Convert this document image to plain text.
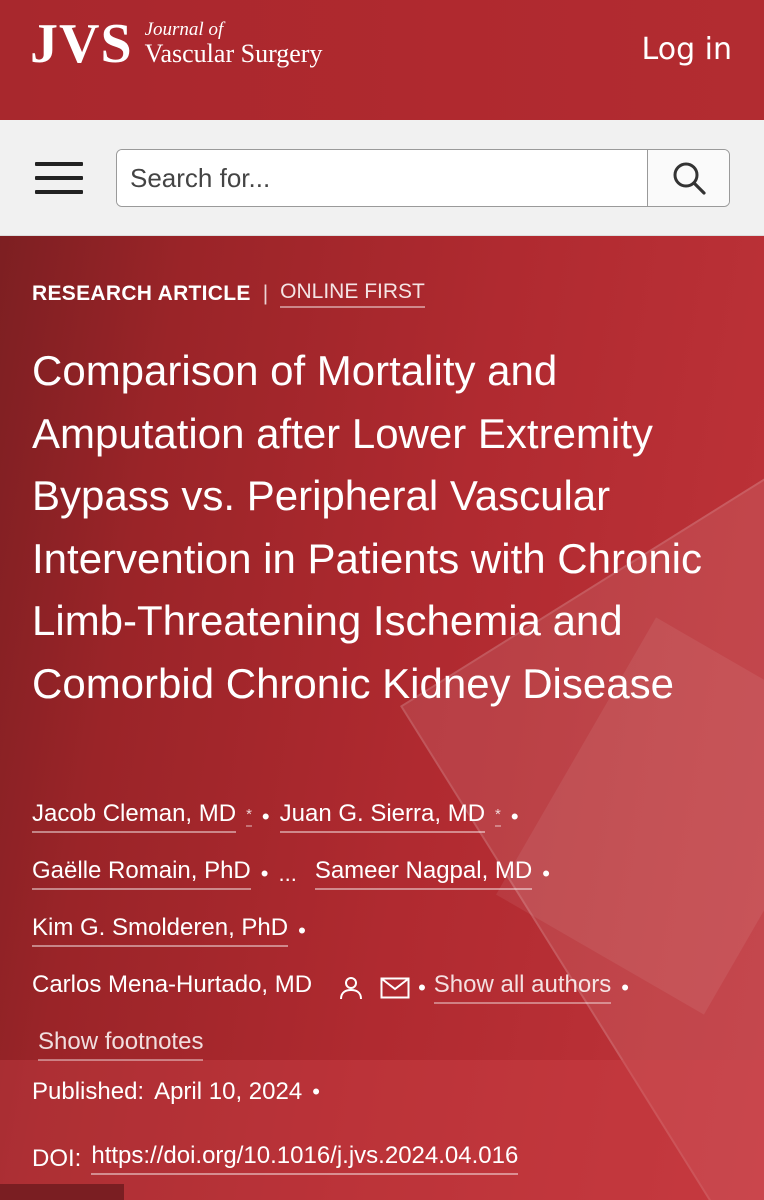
JVS Journal of
Vascular Surgery	Log in
Search for...
RESEARCH ARTICLE | ONLINE FIRST
Comparison of Mortality and Amputation after Lower Extremity Bypass vs. Peripheral Vascular Intervention in Patients with Chronic Limb-Threatening Ischemia and Comorbid Chronic Kidney Disease
Jacob Cleman, MD * • Juan G. Sierra, MD * •
Gaëlle Romain, PhD • ... Sameer Nagpal, MD •
Kim G. Smolderen, PhD •
Carlos Mena-Hurtado, MD	• Show all authors •
Show footnotes
Published: April 10, 2024 •
DOI: https://doi.org/10.1016/j.jvs.2024.04.016
